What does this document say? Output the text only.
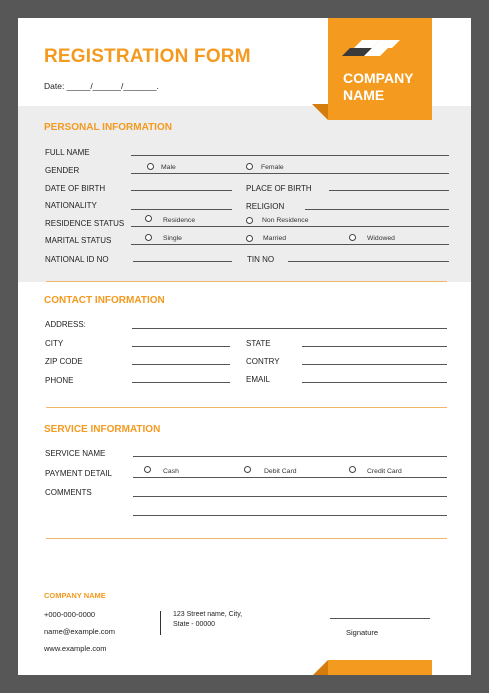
REGISTRATION FORM
Date: _____/______/_______.
PERSONAL INFORMATION
FULL NAME
GENDER	Male	Female
DATE OF BIRTH	PLACE OF BIRTH
NATIONALITY	RELIGION
RESIDENCE STATUS	Residence	Non Residence
MARITAL STATUS	Single	Married	Widowed
NATIONAL ID NO	TIN NO
CONTACT INFORMATION
ADDRESS:
CITY	STATE
ZIP CODE	CONTRY
PHONE	EMAIL
SERVICE INFORMATION
SERVICE NAME
PAYMENT DETAIL	Cash	Debit Card	Credit Card
COMMENTS
COMPANY NAME
+000-000-0000
name@example.com
www.example.com
123 Street name, City,
State - 00000
Signature
COMPANY NAME
